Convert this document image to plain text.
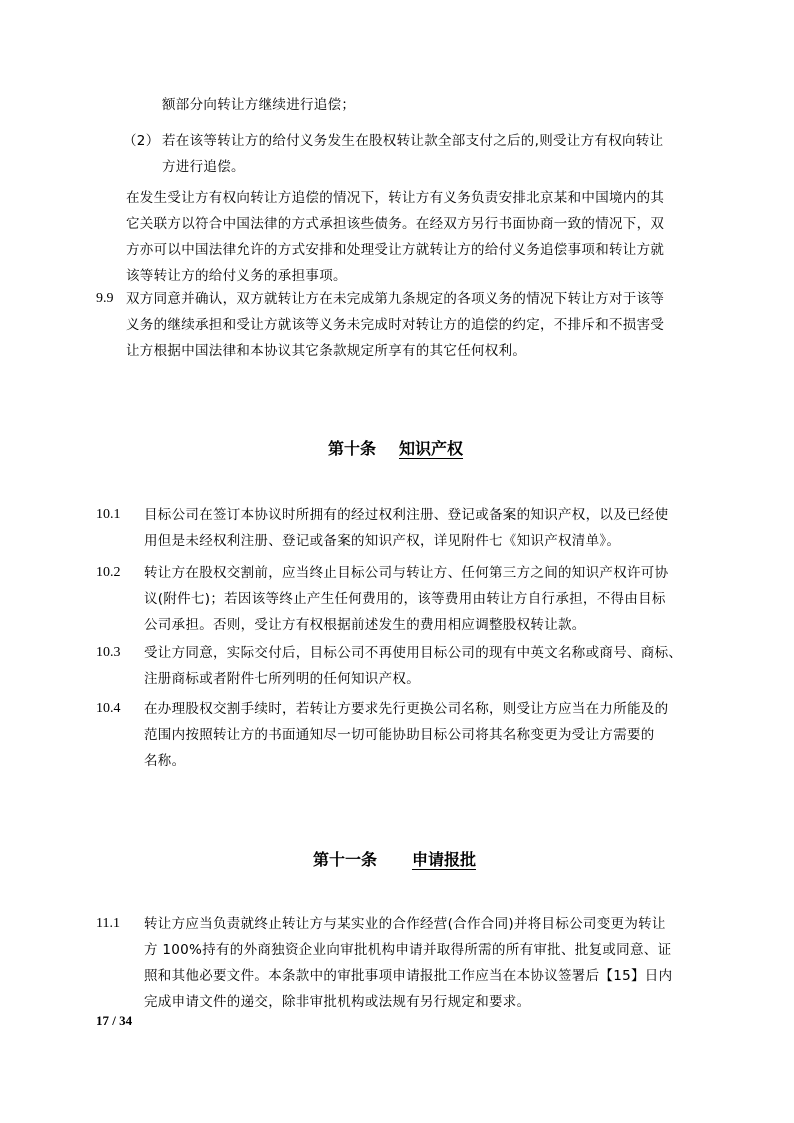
额部分向转让方继续进行追偿；
（2） 若在该等转让方的给付义务发生在股权转让款全部支付之后的,则受让方有权向转让
方进行追偿。
在发生受让方有权向转让方追偿的情况下，转让方有义务负责安排北京某和中国境内的其
它关联方以符合中国法律的方式承担该些债务。在经双方另行书面协商一致的情况下，双
方亦可以中国法律允许的方式安排和处理受让方就转让方的给付义务追偿事项和转让方就
该等转让方的给付义务的承担事项。
9.9 双方同意并确认，双方就转让方在未完成第九条规定的各项义务的情况下转让方对于该等
义务的继续承担和受让方就该等义务未完成时对转让方的追偿的约定，不排斥和不损害受
让方根据中国法律和本协议其它条款规定所享有的其它任何权利。
第十条 知识产权
10.1 目标公司在签订本协议时所拥有的经过权利注册、登记或备案的知识产权，以及已经使
用但是未经权利注册、登记或备案的知识产权，详见附件七《知识产权清单》。
10.2 转让方在股权交割前，应当终止目标公司与转让方、任何第三方之间的知识产权许可协
议(附件七)；若因该等终止产生任何费用的，该等费用由转让方自行承担，不得由目标
公司承担。否则，受让方有权根据前述发生的费用相应调整股权转让款。
10.3 受让方同意，实际交付后，目标公司不再使用目标公司的现有中英文名称或商号、商标、
注册商标或者附件七所列明的任何知识产权。
10.4 在办理股权交割手续时，若转让方要求先行更换公司名称，则受让方应当在力所能及的
范围内按照转让方的书面通知尽一切可能协助目标公司将其名称变更为受让方需要的
名称。
第十一条 申请报批
11.1 转让方应当负责就终止转让方与某实业的合作经营(合作合同)并将目标公司变更为转让
方 100%持有的外商独资企业向审批机构申请并取得所需的所有审批、批复或同意、证
照和其他必要文件。本条款中的审批事项申请报批工作应当在本协议签署后【15】日内
完成申请文件的递交，除非审批机构或法规有另行规定和要求。
17 / 34
